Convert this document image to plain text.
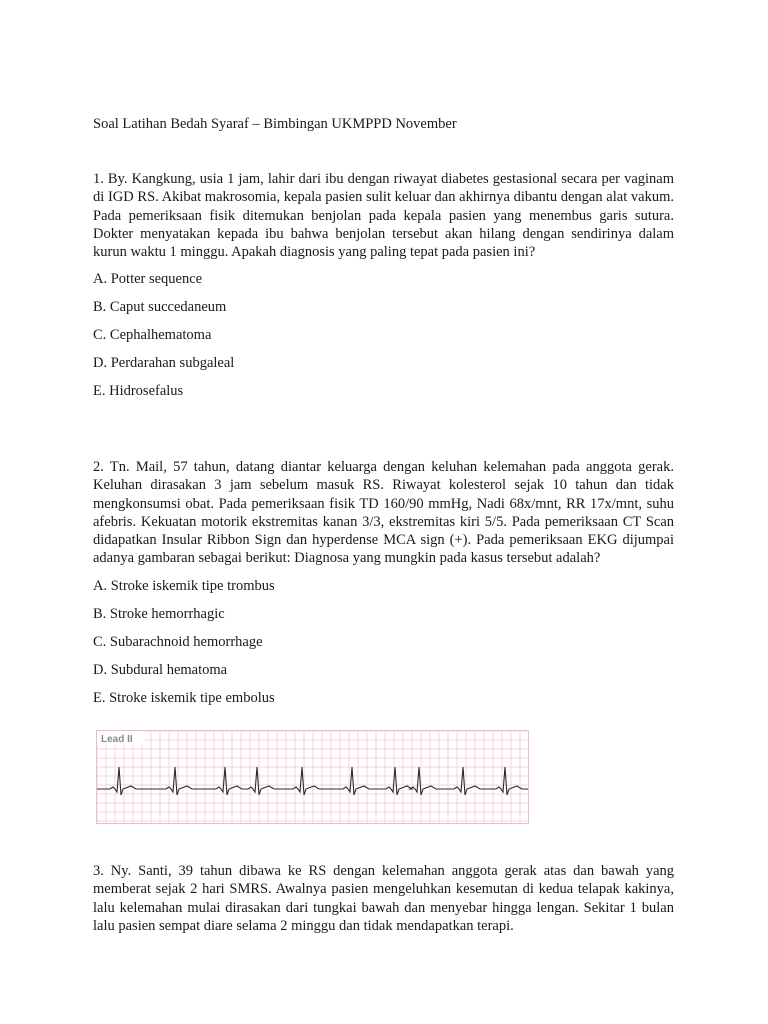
Soal Latihan Bedah Syaraf – Bimbingan UKMPPD November

1. By. Kangkung, usia 1 jam, lahir dari ibu dengan riwayat diabetes gestasional secara per vaginam di IGD RS. Akibat makrosomia, kepala pasien sulit keluar dan akhirnya dibantu dengan alat vakum. Pada pemeriksaan fisik ditemukan benjolan pada kepala pasien yang menembus garis sutura. Dokter menyatakan kepada ibu bahwa benjolan tersebut akan hilang dengan sendirinya dalam kurun waktu 1 minggu. Apakah diagnosis yang paling tepat pada pasien ini?

A. Potter sequence
B. Caput succedaneum
C. Cephalhematoma
D. Perdarahan subgaleal
E. Hidrosefalus

2. Tn. Mail, 57 tahun, datang diantar keluarga dengan keluhan kelemahan pada anggota gerak. Keluhan dirasakan 3 jam sebelum masuk RS. Riwayat kolesterol sejak 10 tahun dan tidak mengkonsumsi obat. Pada pemeriksaan fisik TD 160/90 mmHg, Nadi 68x/mnt, RR 17x/mnt, suhu afebris. Kekuatan motorik ekstremitas kanan 3/3, ekstremitas kiri 5/5. Pada pemeriksaan CT Scan didapatkan Insular Ribbon Sign dan hyperdense MCA sign (+). Pada pemeriksaan EKG dijumpai adanya gambaran sebagai berikut: Diagnosa yang mungkin pada kasus tersebut adalah?

A. Stroke iskemik tipe trombus
B. Stroke hemorrhagic
C. Subarachnoid hemorrhage
D. Subdural hematoma
E. Stroke iskemik tipe embolus
Lead II

3. Ny. Santi, 39 tahun dibawa ke RS dengan kelemahan anggota gerak atas dan bawah yang memberat sejak 2 hari SMRS. Awalnya pasien mengeluhkan kesemutan di kedua telapak kakinya, lalu kelemahan mulai dirasakan dari tungkai bawah dan menyebar hingga lengan. Sekitar 1 bulan lalu pasien sempat diare selama 2 minggu dan tidak mendapatkan terapi.
